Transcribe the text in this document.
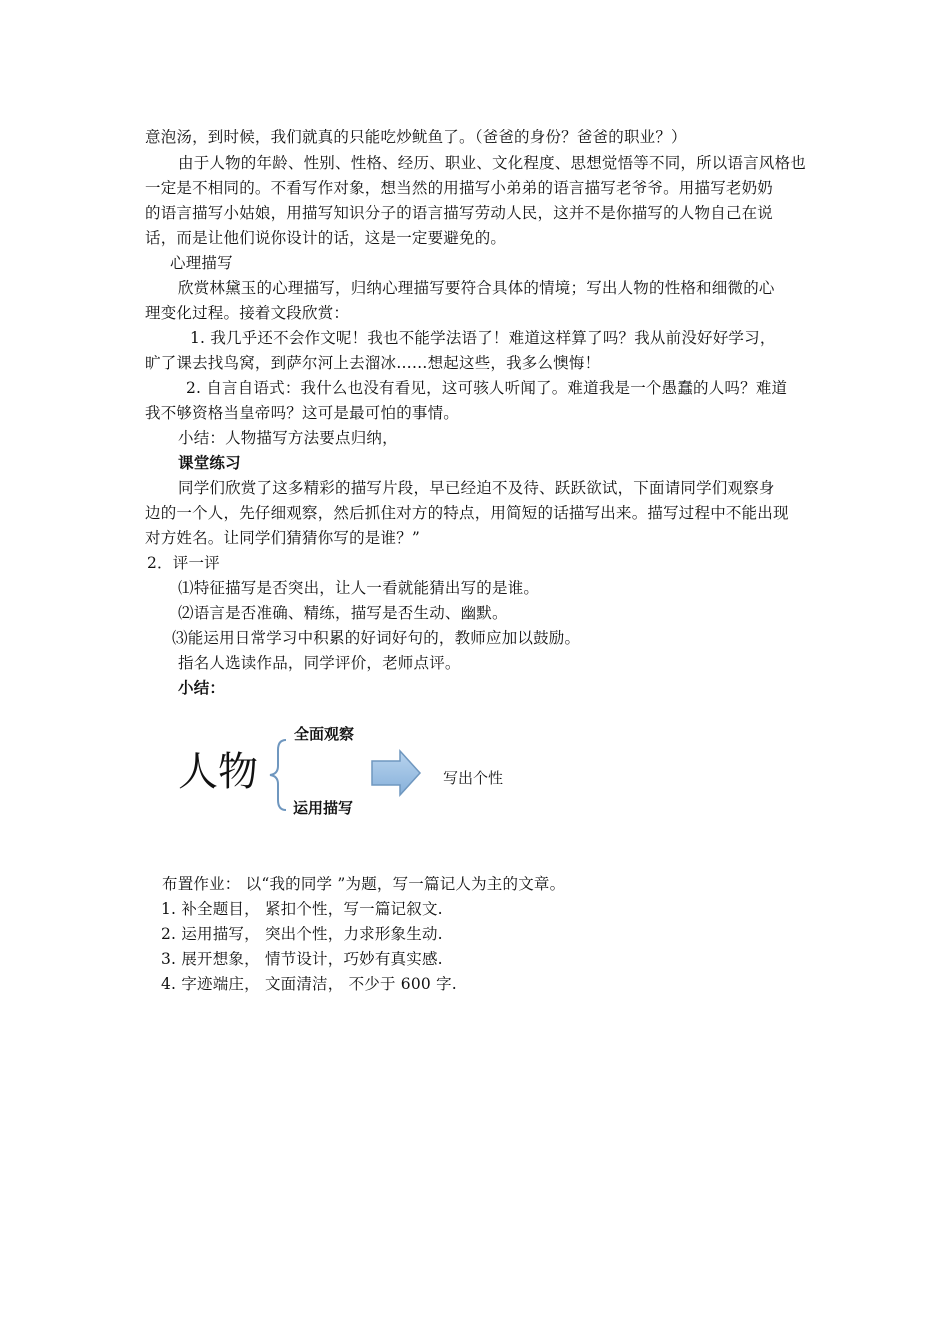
意泡汤，到时候，我们就真的只能吃炒鱿鱼了。（爸爸的身份？爸爸的职业？）
由于人物的年龄、性别、性格、经历、职业、文化程度、思想觉悟等不同，所以语言风格也
一定是不相同的。不看写作对象，想当然的用描写小弟弟的语言描写老爷爷。用描写老奶奶
的语言描写小姑娘，用描写知识分子的语言描写劳动人民，这并不是你描写的人物自己在说
话，而是让他们说你设计的话，这是一定要避免的。
心理描写
欣赏林黛玉的心理描写，归纳心理描写要符合具体的情境；写出人物的性格和细微的心
理变化过程。接着文段欣赏：
1. 我几乎还不会作文呢！我也不能学法语了！难道这样算了吗？我从前没好好学习，
旷了课去找鸟窝，到萨尔河上去溜冰……想起这些，我多么懊悔！
2. 自言自语式：我什么也没有看见，这可骇人听闻了。难道我是一个愚蠢的人吗？难道
我不够资格当皇帝吗？这可是最可怕的事情。
小结：人物描写方法要点归纳，
课堂练习
同学们欣赏了这多精彩的描写片段，早已经迫不及待、跃跃欲试，下面请同学们观察身
边的一个人，先仔细观察，然后抓住对方的特点，用简短的话描写出来。描写过程中不能出现
对方姓名。让同学们猜猜你写的是谁？”
2．评一评
⑴特征描写是否突出，让人一看就能猜出写的是谁。
⑵语言是否准确、精练，描写是否生动、幽默。
⑶能运用日常学习中积累的好词好句的，教师应加以鼓励。
指名人选读作品，同学评价，老师点评。
小结：
人物
全面观察
运用描写
写出个性
布置作业： 以“我的同学 ”为题，写一篇记人为主的文章。
1. 补全题目， 紧扣个性，写一篇记叙文.
2. 运用描写， 突出个性，力求形象生动.
3. 展开想象， 情节设计，巧妙有真实感.
4. 字迹端庄， 文面清洁， 不少于 600 字.
